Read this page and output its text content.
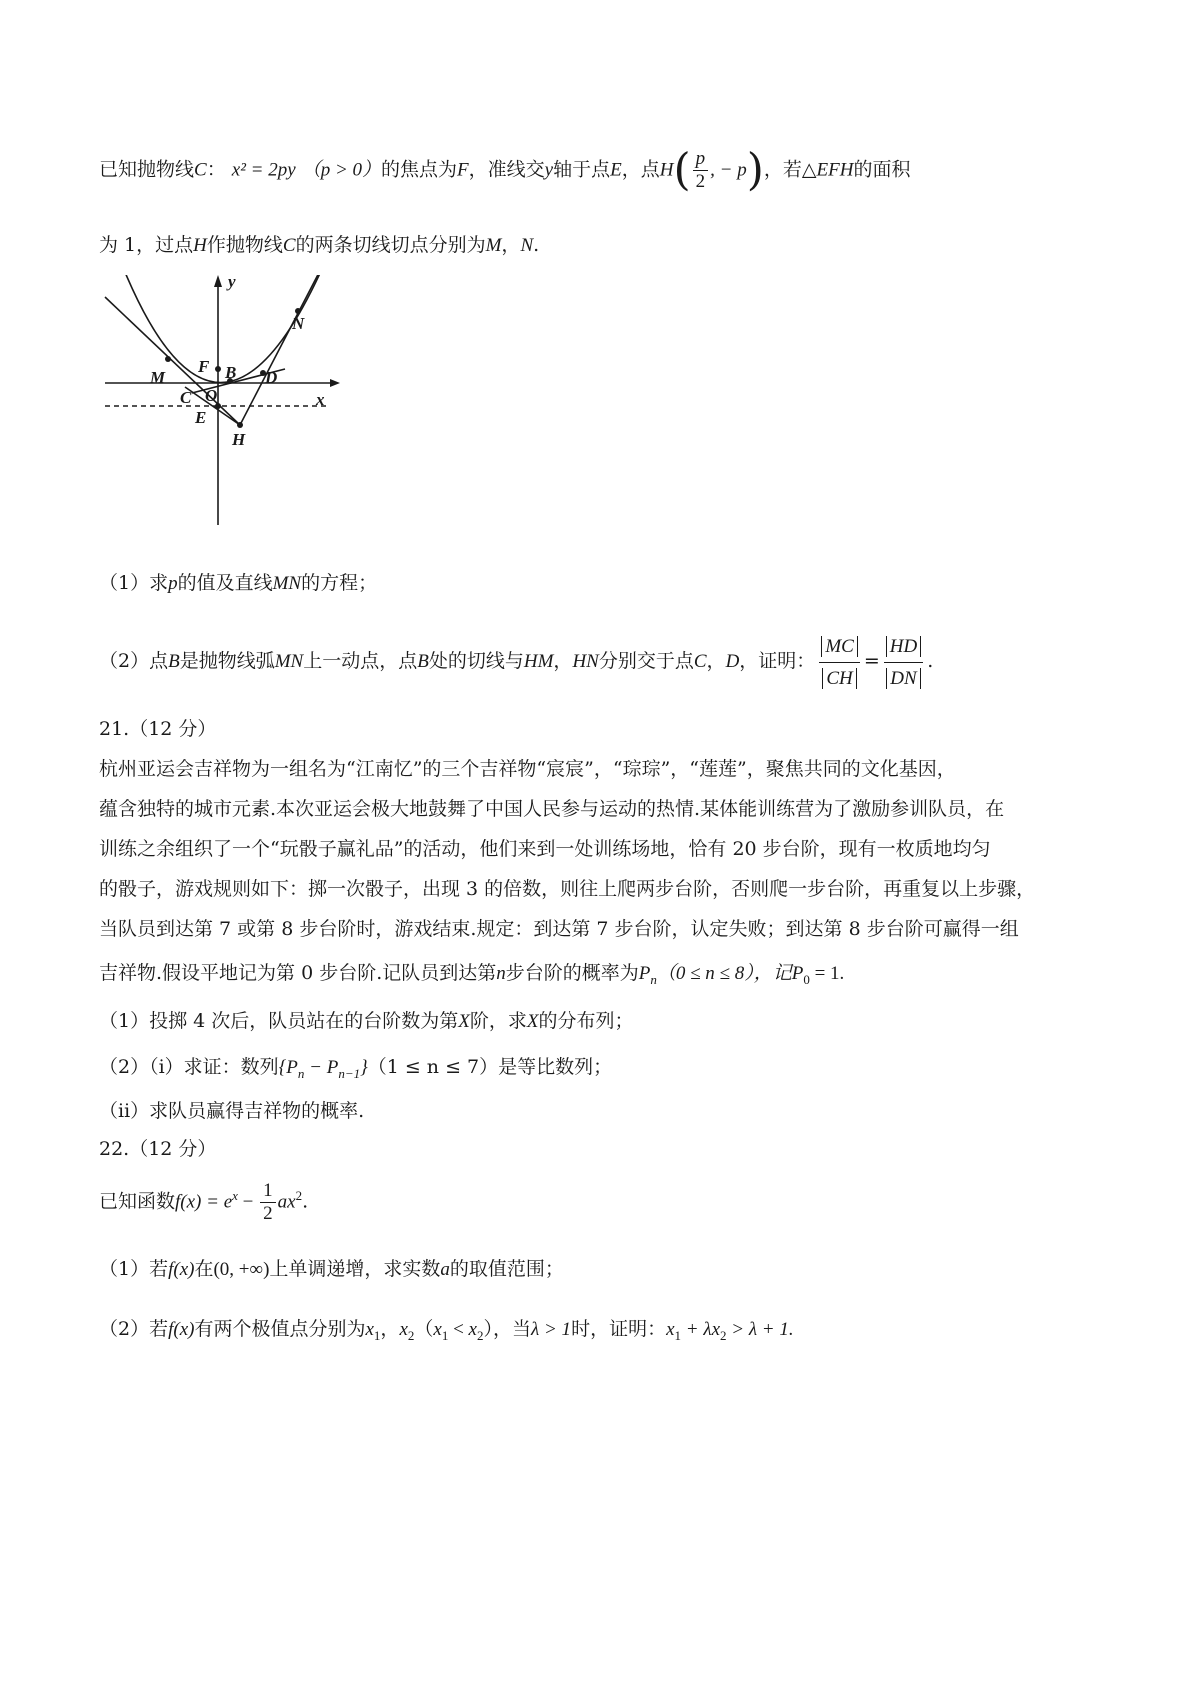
已知抛物线C： x² = 2py （p > 0）的焦点为F，准线交y轴于点E，点$H( \frac{p}{2}$ , − p)，若△EFH的面积
为 1，过点H作抛物线C的两条切线切点分别为M，N.
y
x
M
N
F B D
C O
E
H
（1）求p的值及直线MN的方程；
（2）点B是抛物线弧MN上一动点，点B处的切线与HM，HN分别交于点C，D，证明： $\frac{MC}{CH} = \frac{HD}{DN}$ .
21.（12 分）
杭州亚运会吉祥物为一组名为“江南忆”的三个吉祥物“宸宸”，“琮琮”，“莲莲”，聚焦共同的文化基因，
蕴含独特的城市元素.本次亚运会极大地鼓舞了中国人民参与运动的热情.某体能训练营为了激励参训队员，在
训练之余组织了一个“玩骰子赢礼品”的活动，他们来到一处训练场地，恰有 20 步台阶，现有一枚质地均匀
的骰子，游戏规则如下：掷一次骰子，出现 3 的倍数，则往上爬两步台阶，否则爬一步台阶，再重复以上步骤，
当队员到达第 7 或第 8 步台阶时，游戏结束.规定：到达第 7 步台阶，认定失败；到达第 8 步台阶可赢得一组
吉祥物.假设平地记为第 0 步台阶.记队员到达第n步台阶的概率为$P_n(0 \le n \le 8)$，记$P_0 = 1$.
（1）投掷 4 次后，队员站在的台阶数为第X阶，求X的分布列；
（2）（ⅰ）求证：数列$\{P_n - P_{n-1}\}(1 \le n \le 7)$是等比数列；
（ⅱ）求队员赢得吉祥物的概率.
22.（12 分）
已知函数$f(x) = e^x - \frac{1}{2} ax^2$.
（1）若f(x)在(0, +∞)上单调递增，求实数a的取值范围；
（2）若f(x)有两个极值点分别为$x_1$，$x_2(x_1 < x_2)$，当λ > 1时，证明：$x_1 + \lambda x_2 > \lambda + 1$.
